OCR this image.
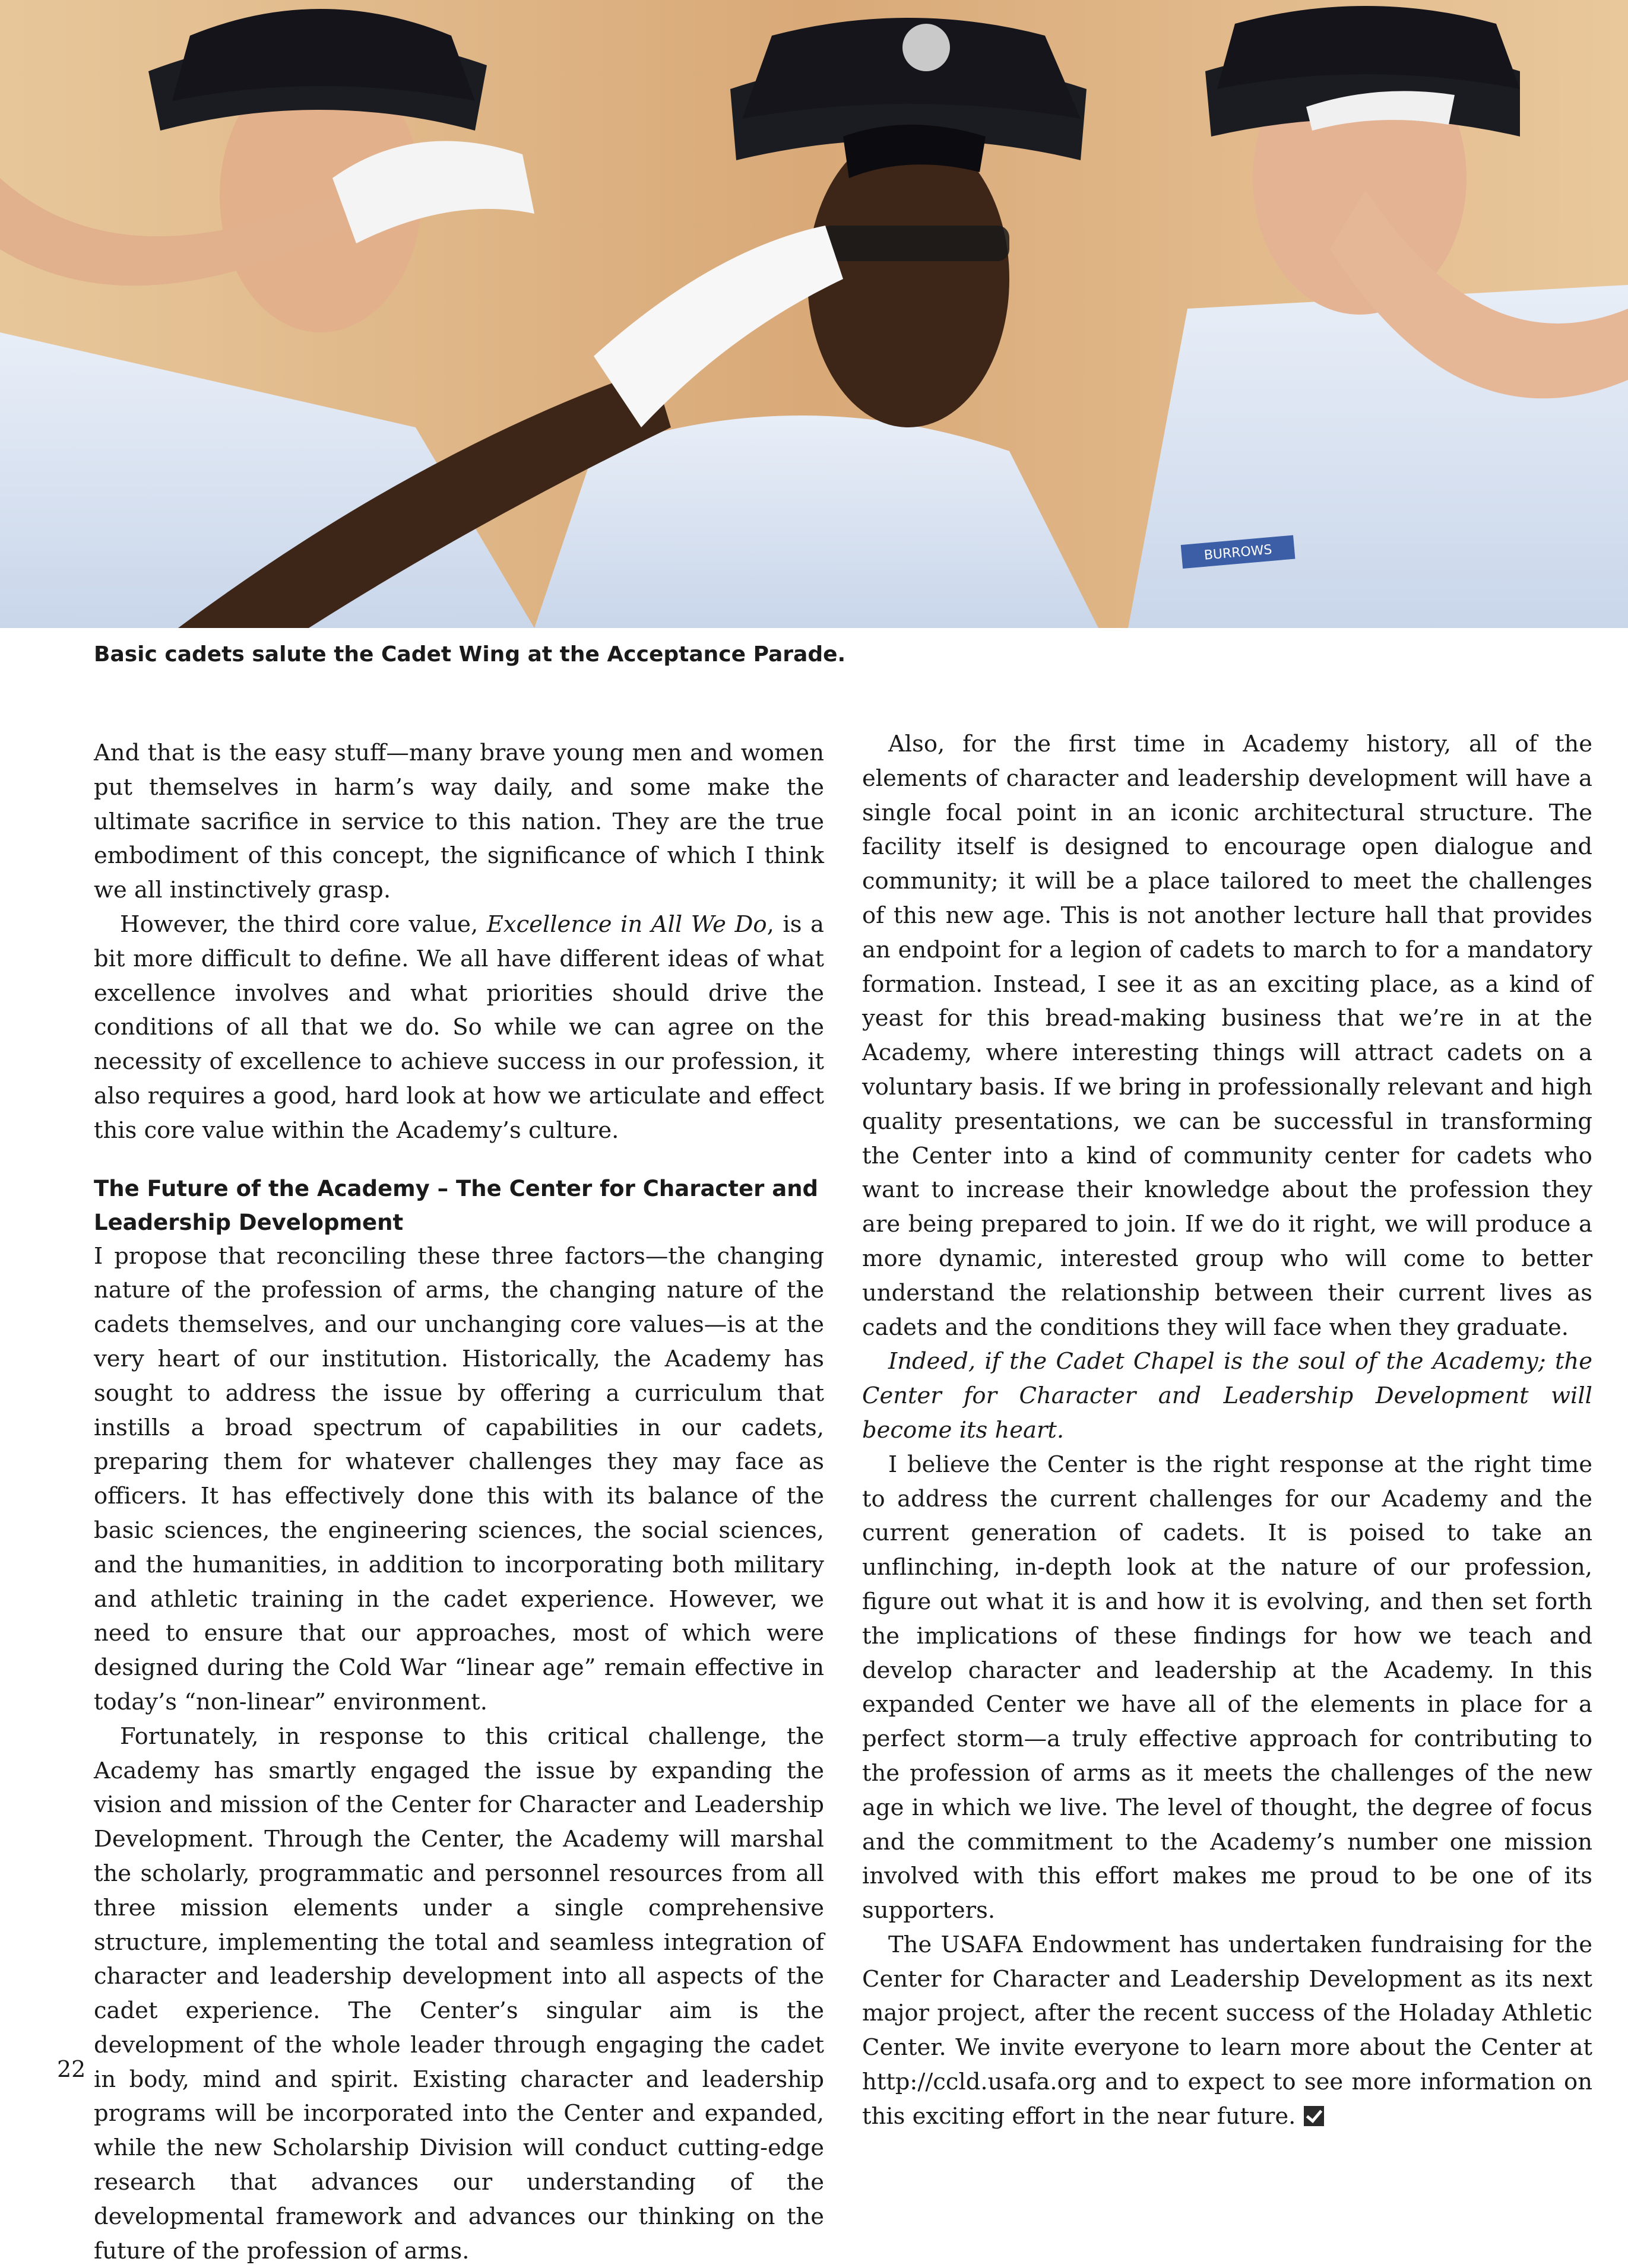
BURROWS

Basic cadets salute the Cadet Wing at the Acceptance Parade.

And that is the easy stuff—many brave young men and women put themselves in harm’s way daily, and some make the ultimate sacrifice in service to this nation. They are the true embodiment of this concept, the significance of which I think we all instinctively grasp.

However, the third core value, Excellence in All We Do, is a bit more difficult to define. We all have different ideas of what excellence involves and what priorities should drive the conditions of all that we do. So while we can agree on the necessity of excellence to achieve success in our profession, it also requires a good, hard look at how we articulate and effect this core value within the Academy’s culture.

The Future of the Academy – The Center for Character and Leadership Development

I propose that reconciling these three factors—the changing nature of the profession of arms, the changing nature of the cadets themselves, and our unchanging core values—is at the very heart of our institution. Historically, the Academy has sought to address the issue by offering a curriculum that instills a broad spectrum of capabilities in our cadets, preparing them for whatever challenges they may face as officers. It has effectively done this with its balance of the basic sciences, the engineering sciences, the social sciences, and the humanities, in addition to incorporating both military and athletic training in the cadet experience. However, we need to ensure that our approaches, most of which were designed during the Cold War “linear age” remain effective in today’s “non-linear” environment.

Fortunately, in response to this critical challenge, the Academy has smartly engaged the issue by expanding the vision and mission of the Center for Character and Leadership Development. Through the Center, the Academy will marshal the scholarly, programmatic and personnel resources from all three mission elements under a single comprehensive structure, implementing the total and seamless integration of character and leadership development into all aspects of the cadet experience. The Center’s singular aim is the development of the whole leader through engaging the cadet in body, mind and spirit. Existing character and leadership programs will be incorporated into the Center and expanded, while the new Scholarship Division will conduct cutting-edge research that advances our understanding of the developmental framework and advances our thinking on the future of the profession of arms.

Also, for the first time in Academy history, all of the elements of character and leadership development will have a single focal point in an iconic architectural structure. The facility itself is designed to encourage open dialogue and community; it will be a place tailored to meet the challenges of this new age. This is not another lecture hall that provides an endpoint for a legion of cadets to march to for a mandatory formation. Instead, I see it as an exciting place, as a kind of yeast for this bread-making business that we’re in at the Academy, where interesting things will attract cadets on a voluntary basis. If we bring in professionally relevant and high quality presentations, we can be successful in transforming the Center into a kind of community center for cadets who want to increase their knowledge about the profession they are being prepared to join. If we do it right, we will produce a more dynamic, interested group who will come to better understand the relationship between their current lives as cadets and the conditions they will face when they graduate.

Indeed, if the Cadet Chapel is the soul of the Academy; the Center for Character and Leadership Development will become its heart.

I believe the Center is the right response at the right time to address the current challenges for our Academy and the current generation of cadets. It is poised to take an unflinching, in-depth look at the nature of our profession, figure out what it is and how it is evolving, and then set forth the implications of these findings for how we teach and develop character and leadership at the Academy. In this expanded Center we have all of the elements in place for a perfect storm—a truly effective approach for contributing to the profession of arms as it meets the challenges of the new age in which we live. The level of thought, the degree of focus and the commitment to the Academy’s number one mission involved with this effort makes me proud to be one of its supporters.

The USAFA Endowment has undertaken fundraising for the Center for Character and Leadership Development as its next major project, after the recent success of the Holaday Athletic Center. We invite everyone to learn more about the Center at http://ccld.usafa.org and to expect to see more information on this exciting effort in the near future.

22
